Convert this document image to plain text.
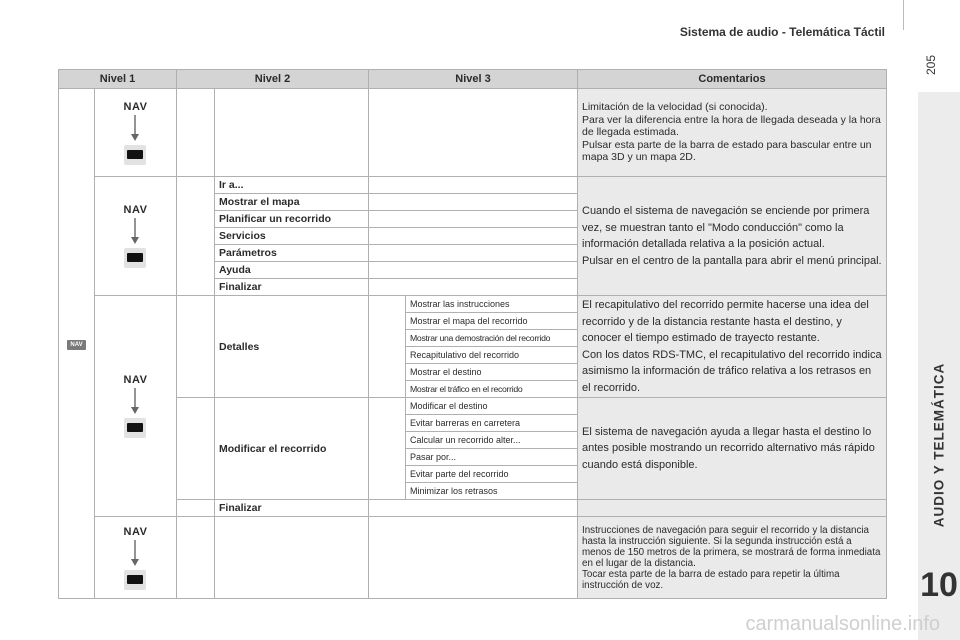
Sistema de audio - Telemática Táctil
205
AUDIO Y TELEMÁTICA
10
carmanualsonline.info
Nivel 1		Nivel 2		Nivel 3		Comentarios
NAV	NAV					Limitación de la velocidad (si conocida).
Para ver la diferencia entre la hora de llegada deseada y la hora de llegada estimada.
Pulsar esta parte de la barra de estado para bascular entre un mapa 3D y un mapa 2D.

	NAV		Ir a...			Cuando el sistema de navegación se enciende por primera vez, se muestran tanto el "Modo conducción" como la información detallada relativa a la posición actual.
Pulsar en el centro de la pantalla para abrir el menú principal.
			Mostrar el mapa			
			Planificar un recorrido			
			Servicios			
			Parámetros			
			Ayuda			
			Finalizar			

	NAV		Detalles		Mostrar las instrucciones	El recapitulativo del recorrido permite hacerse una idea del recorrido y de la distancia restante hasta el destino, y conocer el tiempo estimado de trayecto restante.
Con los datos RDS-TMC, el recapitulativo del recorrido indica asimismo la información de tráfico relativa a los retrasos en el recorrido.
					Mostrar el mapa del recorrido	
					Mostrar una demostración del recorrido	
					Recapitulativo del recorrido	
					Mostrar el destino	
					Mostrar el tráfico en el recorrido	
			Modificar el recorrido		Modificar el destino	El sistema de navegación ayuda a llegar hasta el destino lo antes posible mostrando un recorrido alternativo más rápido cuando está disponible.
					Evitar barreras en carretera	
					Calcular un recorrido alter...	
					Pasar por...	
					Evitar parte del recorrido	
					Minimizar los retrasos	
			Finalizar			

	NAV					Instrucciones de navegación para seguir el recorrido y la distancia hasta la instrucción siguiente. Si la segunda instrucción está a menos de 150 metros de la primera, se mostrará de forma inmediata en el lugar de la distancia.
Tocar esta parte de la barra de estado para repetir la última instrucción de voz.
